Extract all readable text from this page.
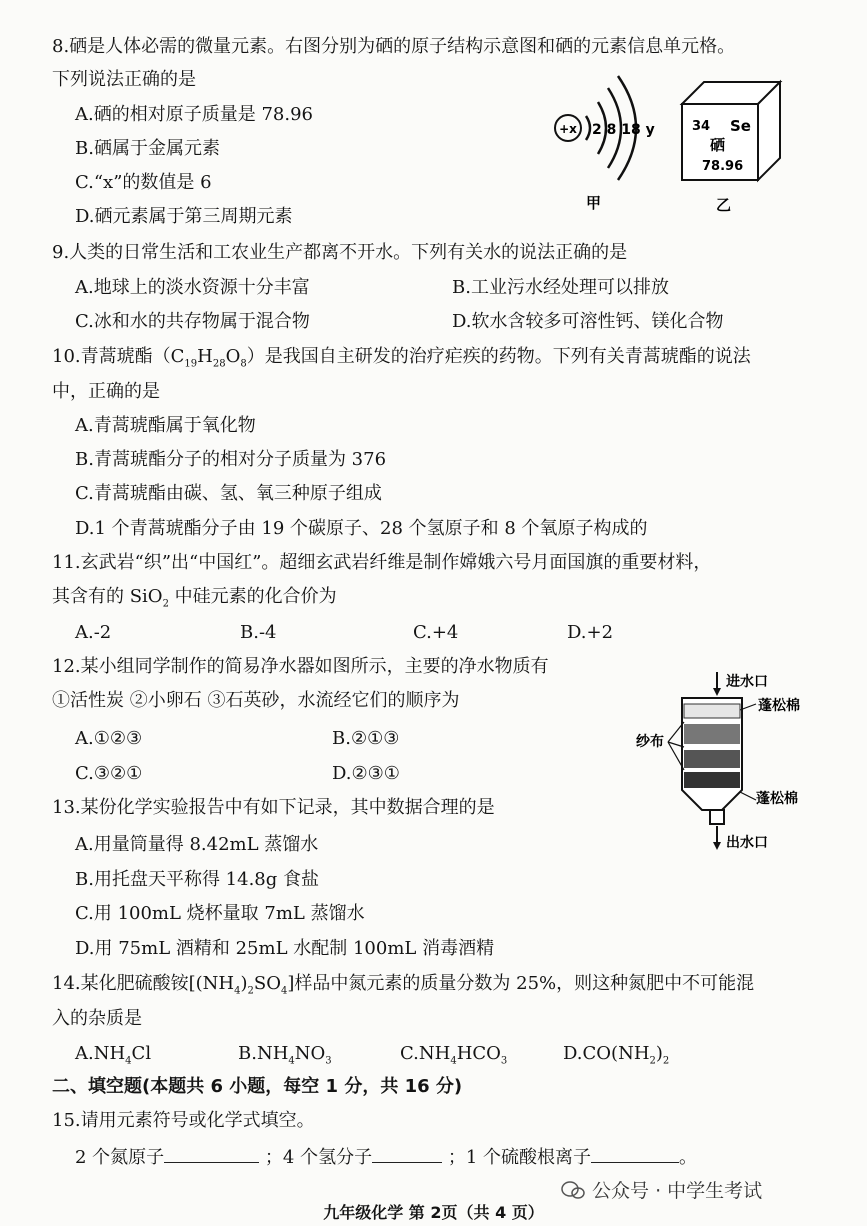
8.硒是人体必需的微量元素。右图分别为硒的原子结构示意图和硒的元素信息单元格。
下列说法正确的是
A.硒的相对原子质量是 78.96
B.硒属于金属元素
C.“x”的数值是 6
D.硒元素属于第三周期元素
+x 2 8 18 y
甲
34 Se
硒
78.96
乙
9.人类的日常生活和工农业生产都离不开水。下列有关水的说法正确的是
A.地球上的淡水资源十分丰富	B.工业污水经处理可以排放
C.冰和水的共存物属于混合物	D.软水含较多可溶性钙、镁化合物
10.青蒿琥酯$(C_{19}H_{28}O_8)$是我国自主研发的治疗疟疾的药物。下列有关青蒿琥酯的说法
中，正确的是
A.青蒿琥酯属于氧化物
B.青蒿琥酯分子的相对分子质量为 376
C.青蒿琥酯由碳、氢、氧三种原子组成
D.1 个青蒿琥酯分子由 19 个碳原子、28 个氢原子和 8 个氧原子构成的
11.玄武岩“织”出“中国红”。超细玄武岩纤维是制作嫦娥六号月面国旗的重要材料，
其含有的 SiO$_2$ 中硅元素的化合价为
A.-2	B.-4	C.+4	D.+2
12.某小组同学制作的简易净水器如图所示，主要的净水物质有
①活性炭 ②小卵石 ③石英砂，水流经它们的顺序为
A.①②③	B.②①③
C.③②①	D.②③①
进水口
出水口
蓬松棉
蓬松棉
纱布
13.某份化学实验报告中有如下记录，其中数据合理的是
A.用量筒量得 8.42mL 蒸馏水
B.用托盘天平称得 14.8g 食盐
C.用 100mL 烧杯量取 7mL 蒸馏水
D.用 75mL 酒精和 25mL 水配制 100mL 消毒酒精
14.某化肥硫酸铵$[(NH_4)_2SO_4]$样品中氮元素的质量分数为 25%，则这种氮肥中不可能混
入的杂质是
$A.NH_4Cl$	$B.NH_4NO_3$	$C.NH_4HCO_3$	$D.CO(NH_2)_2$
二、填空题(本题共 6 小题，每空 1 分，共 16 分)
15.请用元素符号或化学式填空。
2 个氮原子	；4 个氢分子	；1 个硫酸根离子	。
公众号 · 中学生考试
九年级化学 第 2页（共 4 页）
